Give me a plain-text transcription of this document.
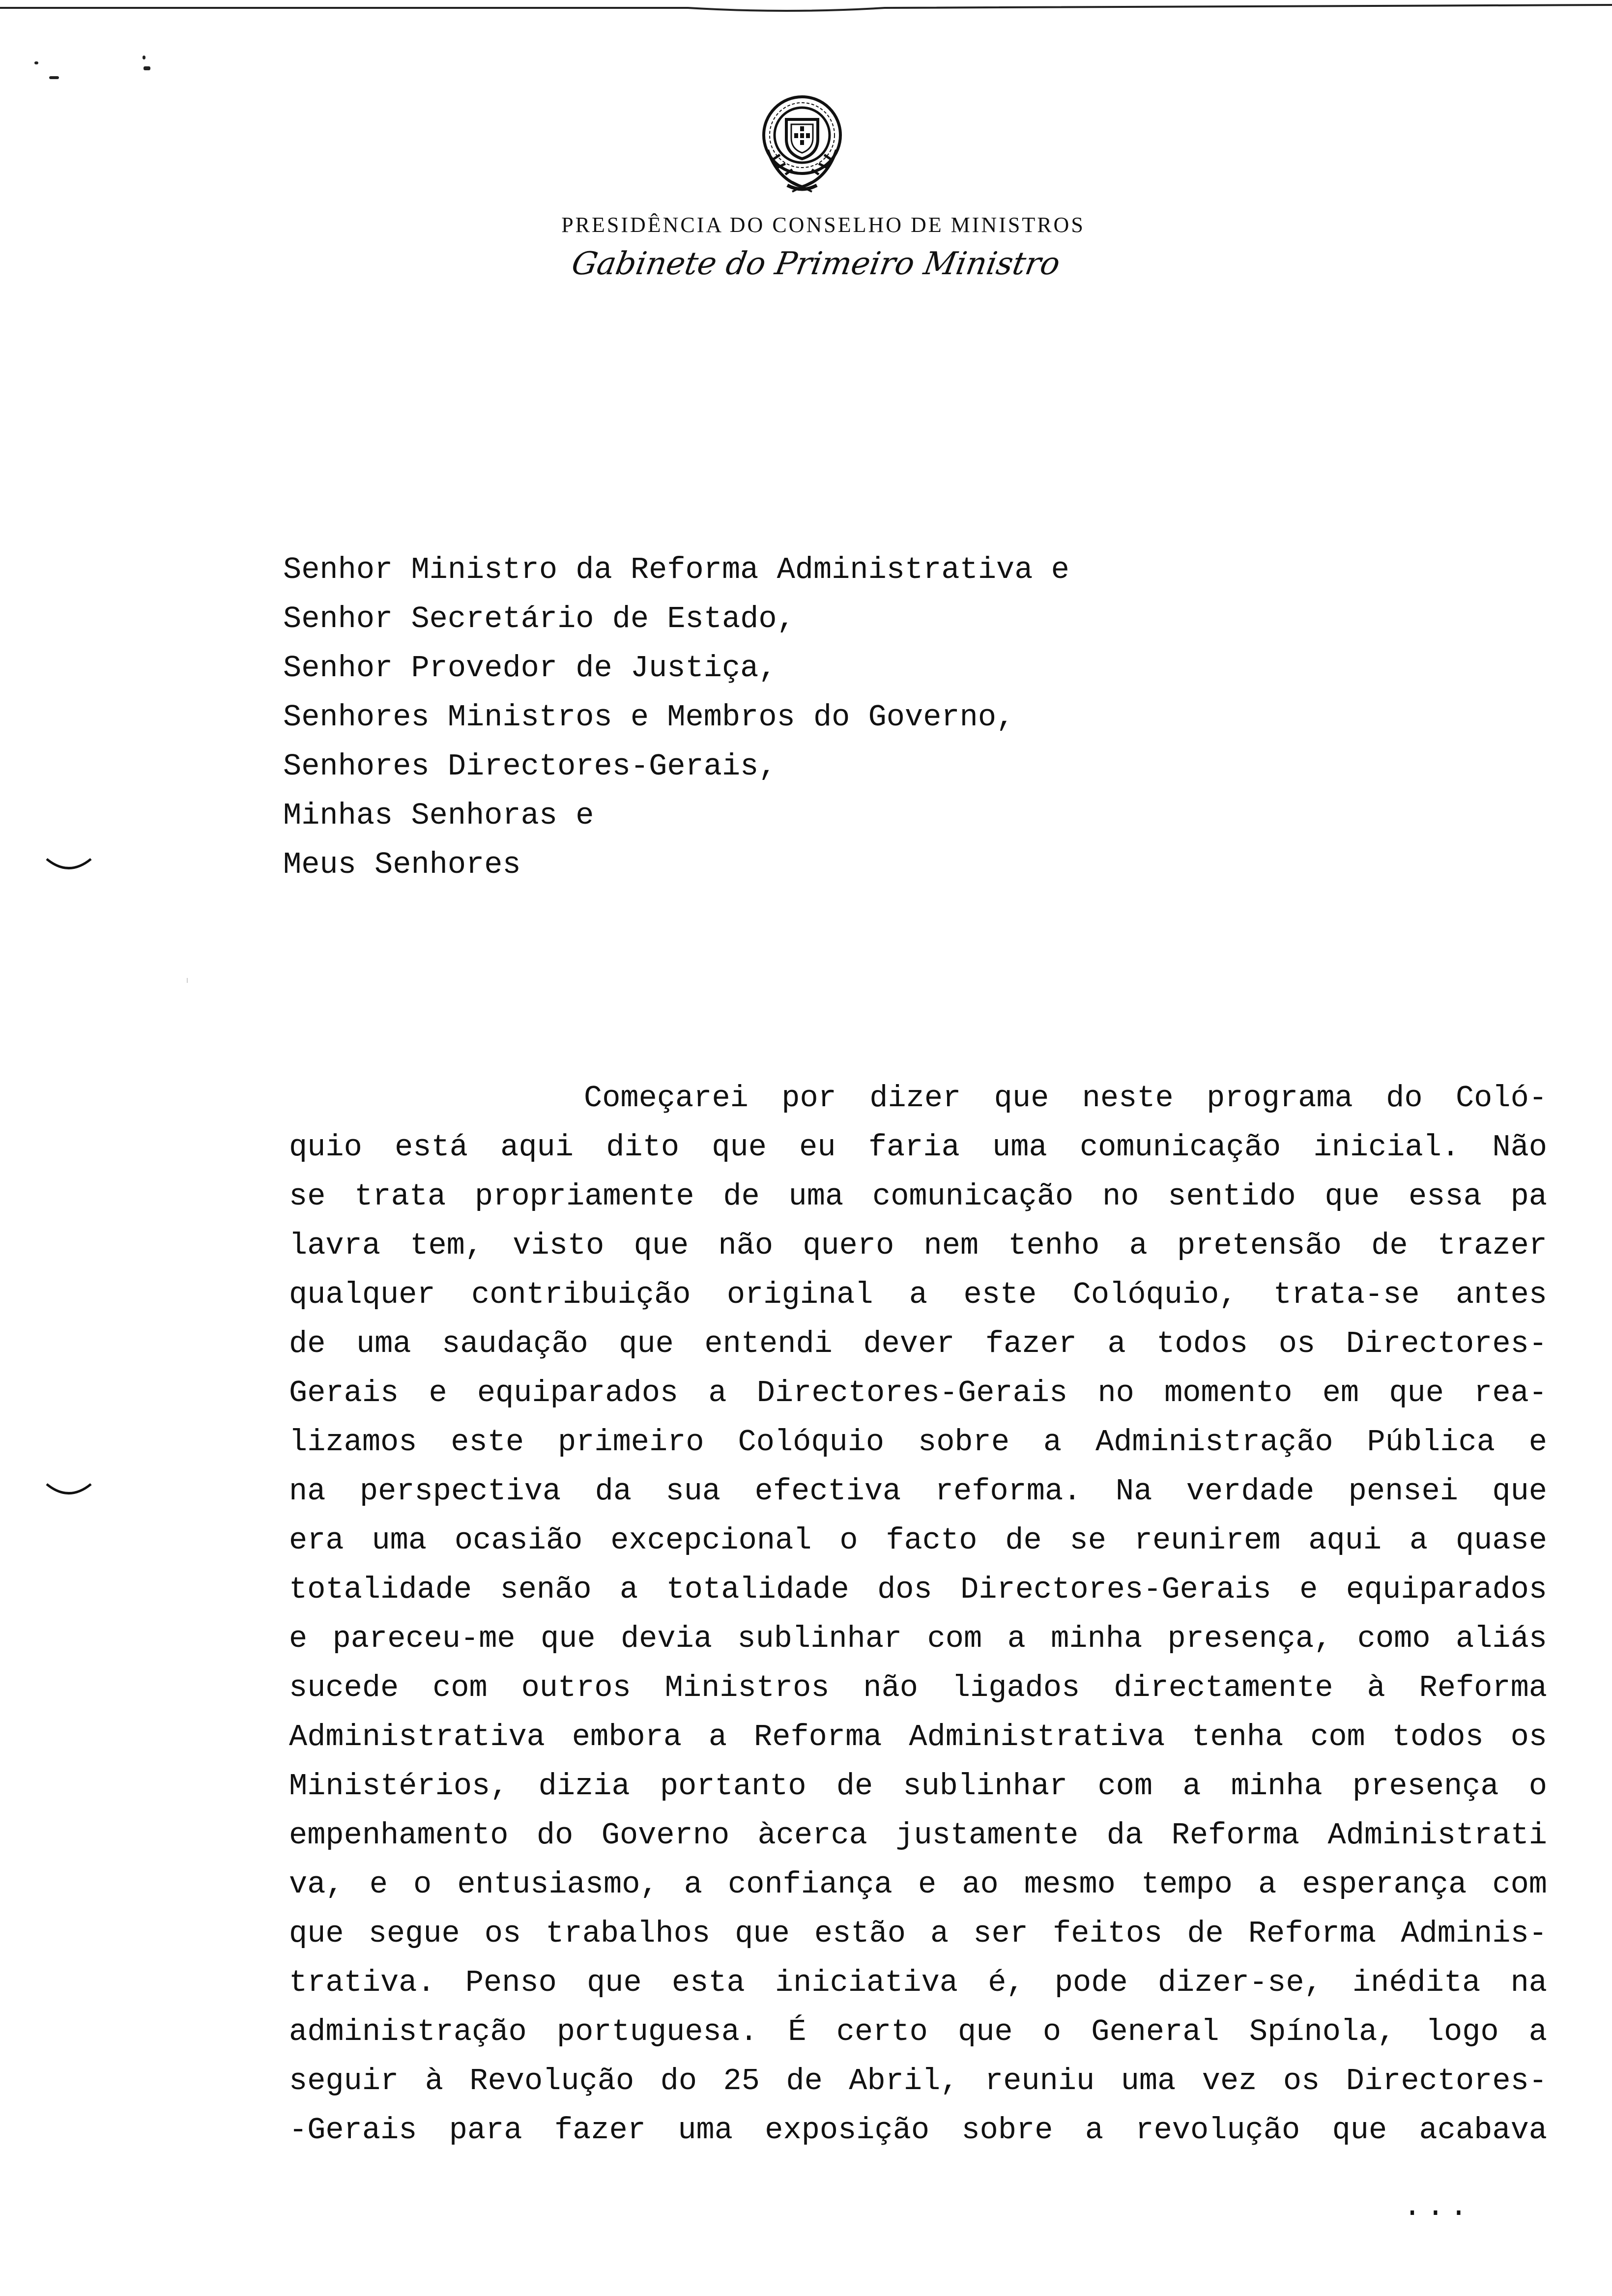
PRESIDÊNCIA DO CONSELHO DE MINISTROS
Gabinete do Primeiro Ministro
Senhor Ministro da Reforma Administrativa e
Senhor Secretário de Estado,
Senhor Provedor de Justiça,
Senhores Ministros e Membros do Governo,
Senhores Directores-Gerais,
Minhas Senhoras e
Meus Senhores
Começarei por dizer que neste programa do Coló-
quio está aqui dito que eu faria uma comunicação inicial. Não
se trata propriamente de uma comunicação no sentido que essa pa
lavra tem, visto que não quero nem tenho a pretensão de trazer
qualquer contribuição original a este Colóquio, trata-se antes
de uma saudação que entendi dever fazer a todos os Directores-
Gerais e equiparados a Directores-Gerais no momento em que rea-
lizamos este primeiro Colóquio sobre a Administração Pública e
na perspectiva da sua efectiva reforma. Na verdade pensei que
era uma ocasião excepcional o facto de se reunirem aqui a quase
totalidade senão a totalidade dos Directores-Gerais e equiparados
e pareceu-me que devia sublinhar com a minha presença, como aliás
sucede com outros Ministros não ligados directamente à Reforma
Administrativa embora a Reforma Administrativa tenha com todos os
Ministérios, dizia portanto de sublinhar com a minha presença o
empenhamento do Governo àcerca justamente da Reforma Administrati
va, e o entusiasmo, a confiança e ao mesmo tempo a esperança com
que segue os trabalhos que estão a ser feitos de Reforma Adminis-
trativa. Penso que esta iniciativa é, pode dizer-se, inédita na
administração portuguesa. É certo que o General Spínola, logo a
seguir à Revolução do 25 de Abril, reuniu uma vez os Directores-
-Gerais para fazer uma exposição sobre a revolução que acabava
...
